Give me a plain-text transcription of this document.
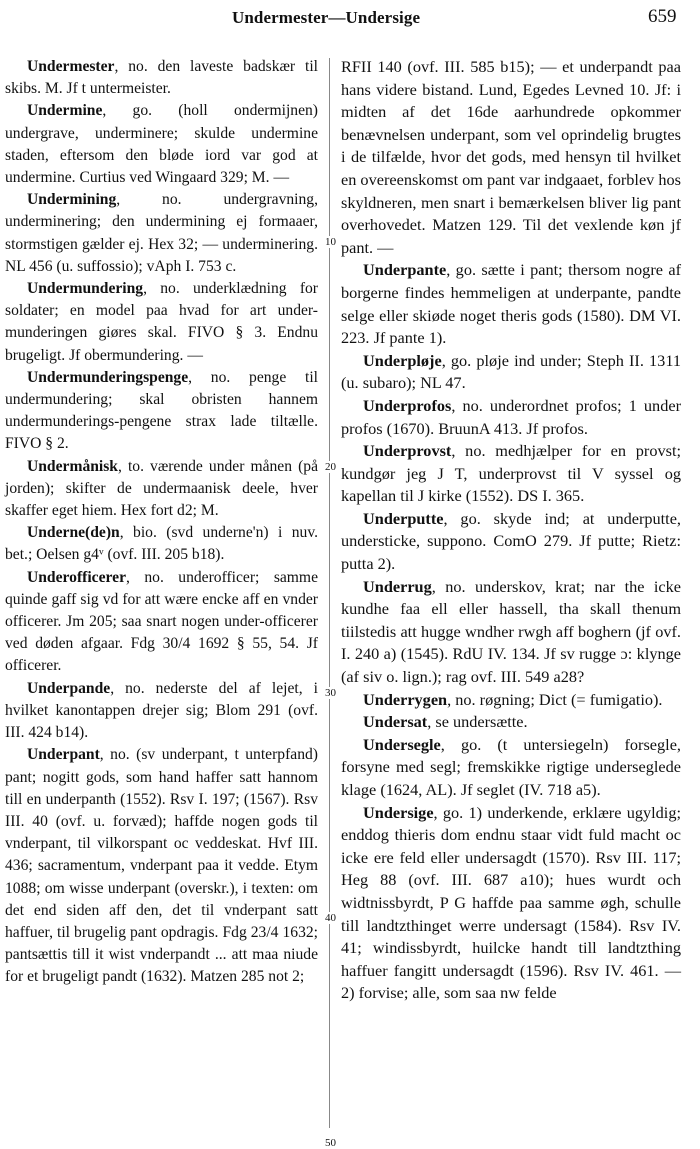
Undermester—Undersige	659
Undermester, no. den laveste badskær til skibs. M. Jf t untermeister.
Undermine, go. (holl ondermijnen) undergrave, underminere; skulde undermine staden, eftersom den bløde iord var god at undermine. Curtius ved Wingaard 329; M. —
Undermining, no. undergravning, underminering; den undermining ej formaaer, stormstigen gælder ej. Hex 32; — underminering. NL 456 (u. suffossio); vAph I. 753 c.
Undermundering, no. underklædning for soldater; en model paa hvad for art under-munderingen giøres skal. FIVO § 3. Endnu brugeligt. Jf obermundering. —
Undermunderingspenge, no. penge til undermundering; skal obristen hannem undermunderings-pengene strax lade tiltælle. FIVO § 2.
Undermånisk, to. værende under månen (på jorden); skifter de undermaanisk deele, hver skaffer eget hiem. Hex fort d2; M.
Underne(de)n, bio. (svd underne'n) i nuv. bet.; Oelsen g4ᵛ (ovf. III. 205 b18).
Underofficerer, no. underofficer; samme quinde gaff sig vd for att wære encke aff en vnder officerer. Jm 205; saa snart nogen under-officerer ved døden afgaar. Fdg 30/4 1692 § 55, 54. Jf officerer.
Underpande, no. nederste del af lejet, i hvilket kanontappen drejer sig; Blom 291 (ovf. III. 424 b14).
Underpant, no. (sv underpant, t unterpfand) pant; nogitt gods, som hand haffer satt hannom till en underpanth (1552). Rsv I. 197; (1567). Rsv III. 40 (ovf. u. forvæd); haffde nogen gods til vnderpant, til vilkorspant oc veddeskat. Hvf III. 436; sacramentum, vnderpant paa it vedde. Etym 1088; om wisse underpant (overskr.), i texten: om det end siden aff den, det til vnderpant satt haffuer, til brugelig pant opdragis. Fdg 23/4 1632; pantsættis till it wist vnderpandt ... att maa niude for et brugeligt pandt (1632). Matzen 285 not 2;
RFII 140 (ovf. III. 585 b15); — et underpandt paa hans videre bistand. Lund, Egedes Levned 10. Jf: i midten af det 16de aarhundrede opkommer benævnelsen underpant, som vel oprindelig brugtes i de tilfælde, hvor det gods, med hensyn til hvilket en overeenskomst om pant var indgaaet, forblev hos skyldneren, men snart i bemærkelsen bliver lig pant overhovedet. Matzen 129. Til det vexlende køn jf pant. —
Underpante, go. sætte i pant; thersom nogre af borgerne findes hemmeligen at underpante, pandte selge eller skiøde noget theris gods (1580). DM VI. 223. Jf pante 1).
Underpløje, go. pløje ind under; Steph II. 1311 (u. subaro); NL 47.
Underprofos, no. underordnet profos; 1 under profos (1670). BruunA 413. Jf profos.
Underprovst, no. medhjælper for en provst; kundgør jeg J T, underprovst til V syssel og kapellan til J kirke (1552). DS I. 365.
Underputte, go. skyde ind; at underputte, understicke, suppono. ComO 279. Jf putte; Rietz: putta 2).
Underrug, no. underskov, krat; nar the icke kundhe faa ell eller hassell, tha skall thenum tiilstedis att hugge wndher rwgh aff boghern (jf ovf. I. 240 a) (1545). RdU IV. 134. Jf sv rugge ɔ: klynge (af siv o. lign.); rag ovf. III. 549 a28?
Underrygen, no. røgning; Dict (= fumigatio).
Undersat, se undersætte.
Undersegle, go. (t untersiegeln) forsegle, forsyne med segl; fremskikke rigtige underseglede klage (1624, AL). Jf seglet (IV. 718 a5).
Undersige, go. 1) underkende, erklære ugyldig; enddog thieris dom endnu staar vidt fuld macht oc icke ere feld eller undersagdt (1570). Rsv III. 117; Heg 88 (ovf. III. 687 a10); hues wurdt och widtnissbyrdt, P G haffde paa samme øgh, schulle till landtzthinget werre undersagt (1584). Rsv IV. 41; windissbyrdt, huilcke handt till landtzthing haffuer fangitt undersagdt (1596). Rsv IV. 461. — 2) forvise; alle, som saa nw felde
10
20
30
40
50
